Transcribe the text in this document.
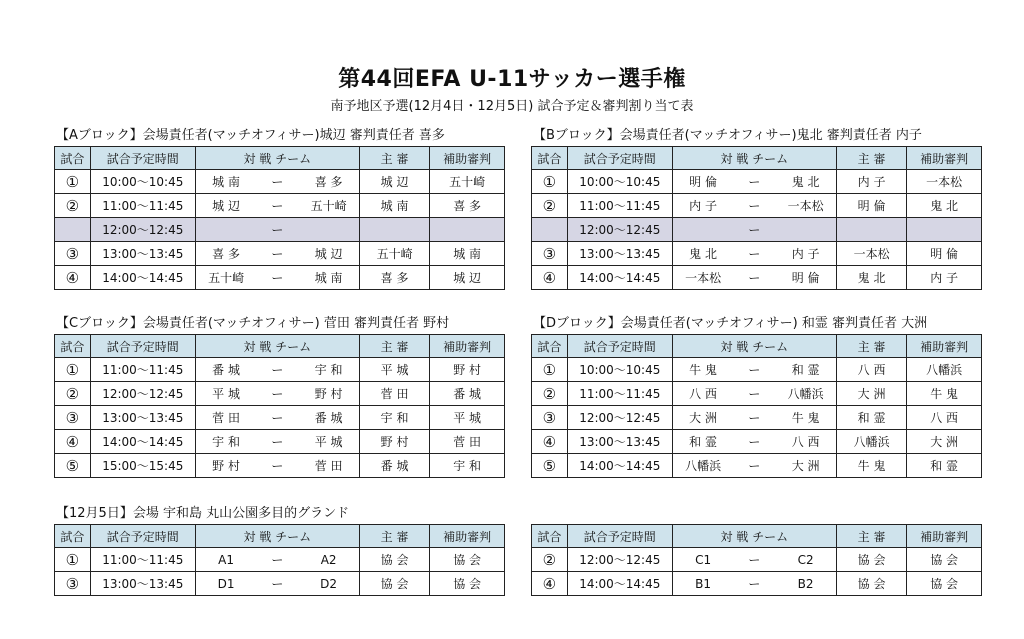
第44回EFA U-11サッカー選手権
南予地区予選(12月4日・12月5日) 試合予定＆審判割り当て表
【Aブロック】会場責任者(マッチオフィサー)城辺 審判責任者 喜多
試合	試合予定時間	対 戦 チーム			主 審	補助審判
①	10:00〜10:45	城 南	ー	喜 多	城 辺	五十崎
②	11:00〜11:45	城 辺	ー	五十崎	城 南	喜 多
	12:00〜12:45		ー			
③	13:00〜13:45	喜 多	ー	城 辺	五十崎	城 南
④	14:00〜14:45	五十崎	ー	城 南	喜 多	城 辺
【Bブロック】会場責任者(マッチオフィサー)鬼北 審判責任者 内子
試合	試合予定時間	対 戦 チーム			主 審	補助審判
①	10:00〜10:45	明 倫	ー	鬼 北	内 子	一本松
②	11:00〜11:45	内 子	ー	一本松	明 倫	鬼 北
	12:00〜12:45		ー			
③	13:00〜13:45	鬼 北	ー	内 子	一本松	明 倫
④	14:00〜14:45	一本松	ー	明 倫	鬼 北	内 子
【Cブロック】会場責任者(マッチオフィサー) 菅田 審判責任者 野村
試合	試合予定時間	対 戦 チーム			主 審	補助審判
①	11:00〜11:45	番 城	ー	宇 和	平 城	野 村
②	12:00〜12:45	平 城	ー	野 村	菅 田	番 城
③	13:00〜13:45	菅 田	ー	番 城	宇 和	平 城
④	14:00〜14:45	宇 和	ー	平 城	野 村	菅 田
⑤	15:00〜15:45	野 村	ー	菅 田	番 城	宇 和
【Dブロック】会場責任者(マッチオフィサー) 和霊 審判責任者 大洲
試合	試合予定時間	対 戦 チーム			主 審	補助審判
①	10:00〜10:45	牛 鬼	ー	和 霊	八 西	八幡浜
②	11:00〜11:45	八 西	ー	八幡浜	大 洲	牛 鬼
③	12:00〜12:45	大 洲	ー	牛 鬼	和 霊	八 西
④	13:00〜13:45	和 霊	ー	八 西	八幡浜	大 洲
⑤	14:00〜14:45	八幡浜	ー	大 洲	牛 鬼	和 霊
【12月5日】会場 宇和島 丸山公園多目的グランド
試合	試合予定時間	対 戦 チーム			主 審	補助審判
①	11:00〜11:45	A1	ー	A2	協 会	協 会
③	13:00〜13:45	D1	ー	D2	協 会	協 会
試合	試合予定時間	対 戦 チーム			主 審	補助審判
②	12:00〜12:45	C1	ー	C2	協 会	協 会
④	14:00〜14:45	B1	ー	B2	協 会	協 会
